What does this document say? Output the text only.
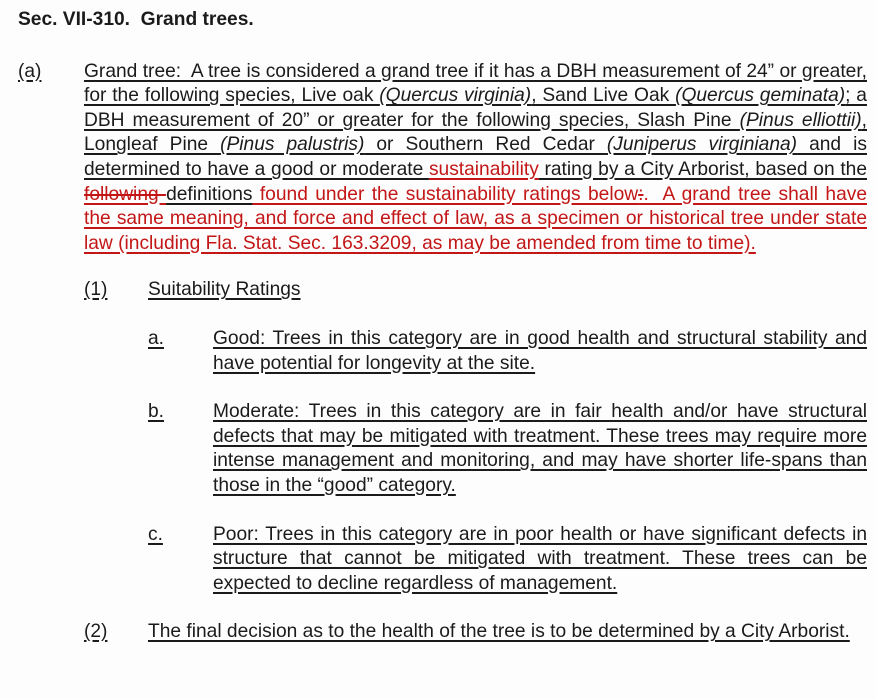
Sec. VII-310.  Grand trees.
(a)	Grand tree:  A tree is considered a grand tree if it has a DBH measurement of 24” or greater, for the following species, Live oak (Quercus virginia), Sand Live Oak (Quercus geminata); a DBH measurement of 20” or greater for the following species, Slash Pine (Pinus elliottii), Longleaf Pine (Pinus palustris) or Southern Red Cedar (Juniperus virginiana) and is determined to have a good or moderate sustainability rating by a City Arborist, based on the following definitions found under the sustainability ratings below:.  A grand tree shall have the same meaning, and force and effect of law, as a specimen or historical tree under state law (including Fla. Stat. Sec. 163.3209, as may be amended from time to time).
(1)	Suitability Ratings
a.	Good: Trees in this category are in good health and structural stability and have potential for longevity at the site.
b.	Moderate: Trees in this category are in fair health and/or have structural defects that may be mitigated with treatment. These trees may require more intense management and monitoring, and may have shorter life-spans than those in the “good” category.
c.	Poor: Trees in this category are in poor health or have significant defects in structure that cannot be mitigated with treatment. These trees can be expected to decline regardless of management.
(2)	The final decision as to the health of the tree is to be determined by a City Arborist.
